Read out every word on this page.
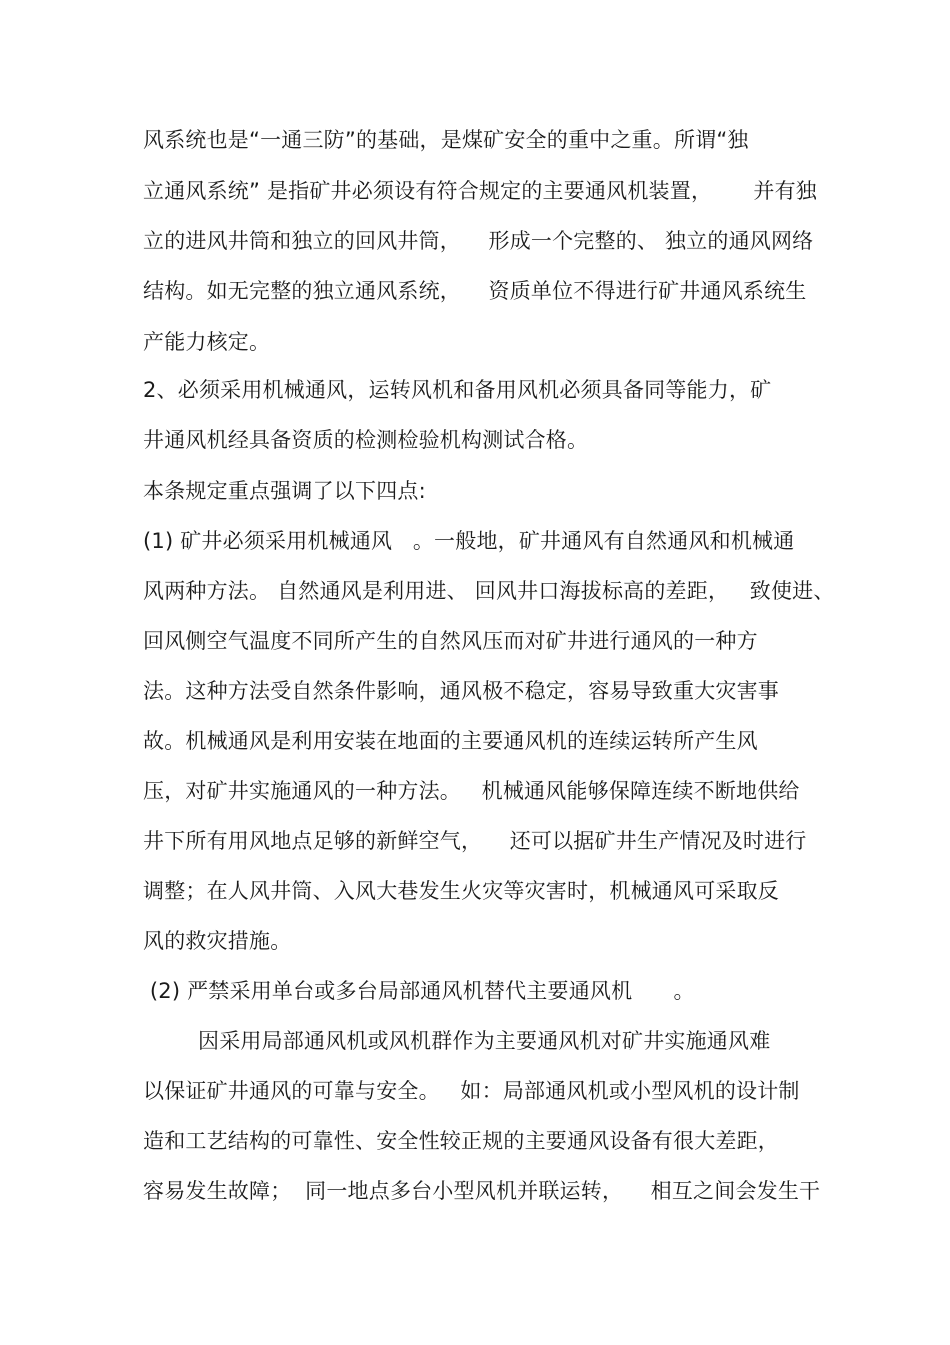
风系统也是“一通三防”的基础，是煤矿安全的重中之重。所谓“独
立通风系统” 是指矿井必须设有符合规定的主要通风机装置，      并有独
立的进风井筒和独立的回风井筒，    形成一个完整的、 独立的通风网络
结构。如无完整的独立通风系统，    资质单位不得进行矿井通风系统生
产能力核定。
2、必须采用机械通风，运转风机和备用风机必须具备同等能力，矿
井通风机经具备资质的检测检验机构测试合格。
本条规定重点强调了以下四点:
(1) 矿井必须采用机械通风   。一般地，矿井通风有自然通风和机械通
风两种方法。 自然通风是利用进、 回风井口海拔标高的差距，   致使进、
回风侧空气温度不同所产生的自然风压而对矿井进行通风的一种方
法。这种方法受自然条件影响，通风极不稳定，容易导致重大灾害事
故。机械通风是利用安装在地面的主要通风机的连续运转所产生风
压，对矿井实施通风的一种方法。   机械通风能够保障连续不断地供给
井下所有用风地点足够的新鲜空气，    还可以据矿井生产情况及时进行
调整；在人风井筒、入风大巷发生火灾等灾害时，机械通风可采取反
风的救灾措施。
(2) 严禁采用单台或多台局部通风机替代主要通风机      。
因采用局部通风机或风机群作为主要通风机对矿井实施通风难
以保证矿井通风的可靠与安全。   如：局部通风机或小型风机的设计制
造和工艺结构的可靠性、安全性较正规的主要通风设备有很大差距，
容易发生故障；  同一地点多台小型风机并联运转，    相互之间会发生干
